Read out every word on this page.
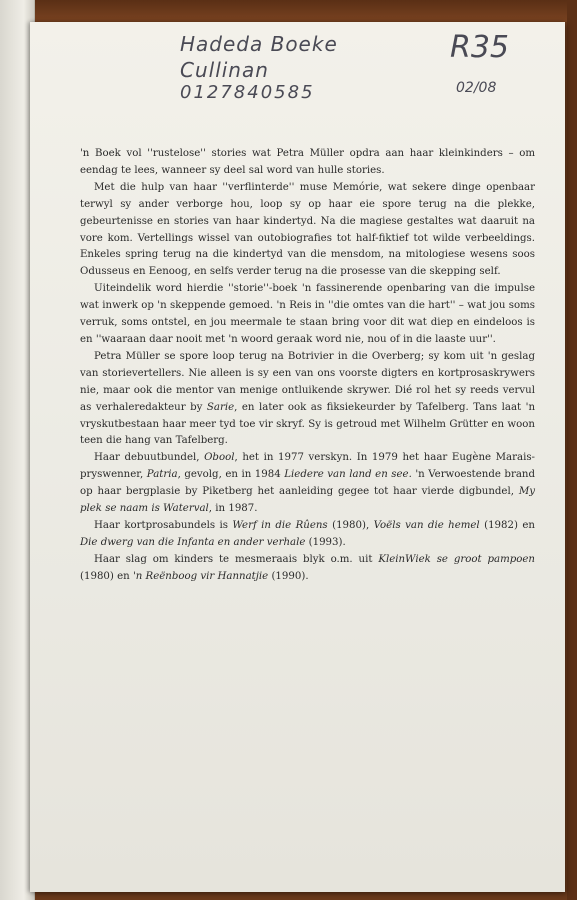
Hadeda Boeke
Cullinan
0127840585
R35
02/08

'n Boek vol ''rustelose'' stories wat Petra Müller opdra aan haar kleinkinders – om eendag te lees, wanneer sy deel sal word van hulle stories.

Met die hulp van haar ''verflinterde'' muse Memórie, wat sekere dinge openbaar terwyl sy ander verborge hou, loop sy op haar eie spore terug na die plekke, gebeurtenisse en stories van haar kindertyd. Na die magiese gestaltes wat daaruit na vore kom. Vertellings wissel van outobiografies tot half-fiktief tot wilde verbeeldings. Enkeles spring terug na die kindertyd van die mensdom, na mitologiese wesens soos Odusseus en Eenoog, en selfs verder terug na die prosesse van die skepping self.

Uiteindelik word hierdie ''storie''-boek 'n fassinerende openbaring van die impulse wat inwerk op 'n skeppende gemoed. 'n Reis in ''die omtes van die hart'' – wat jou soms verruk, soms ontstel, en jou meermale te staan bring voor dit wat diep en eindeloos is en ''waaraan daar nooit met 'n woord geraak word nie, nou of in die laaste uur''.

Petra Müller se spore loop terug na Botrivier in die Overberg; sy kom uit 'n geslag van storievertellers. Nie alleen is sy een van ons voorste digters en kortprosaskrywers nie, maar ook die mentor van menige ontluikende skrywer. Dié rol het sy reeds vervul as verhaleredakteur by Sarie, en later ook as fiksiekeurder by Tafelberg. Tans laat 'n vryskutbestaan haar meer tyd toe vir skryf. Sy is getroud met Wilhelm Grütter en woon teen die hang van Tafelberg.

Haar debuutbundel, Obool, het in 1977 verskyn. In 1979 het haar Eugène Marais-pryswenner, Patria, gevolg, en in 1984 Liedere van land en see. 'n Verwoestende brand op haar bergplasie by Piketberg het aanleiding gegee tot haar vierde digbundel, My plek se naam is Waterval, in 1987.

Haar kortprosabundels is Werf in die Rûens (1980), Voëls van die hemel (1982) en Die dwerg van die Infanta en ander verhale (1993).

Haar slag om kinders te mesmeraais blyk o.m. uit KleinWiek se groot pampoen (1980) en 'n Reënboog vir Hannatjie (1990).
